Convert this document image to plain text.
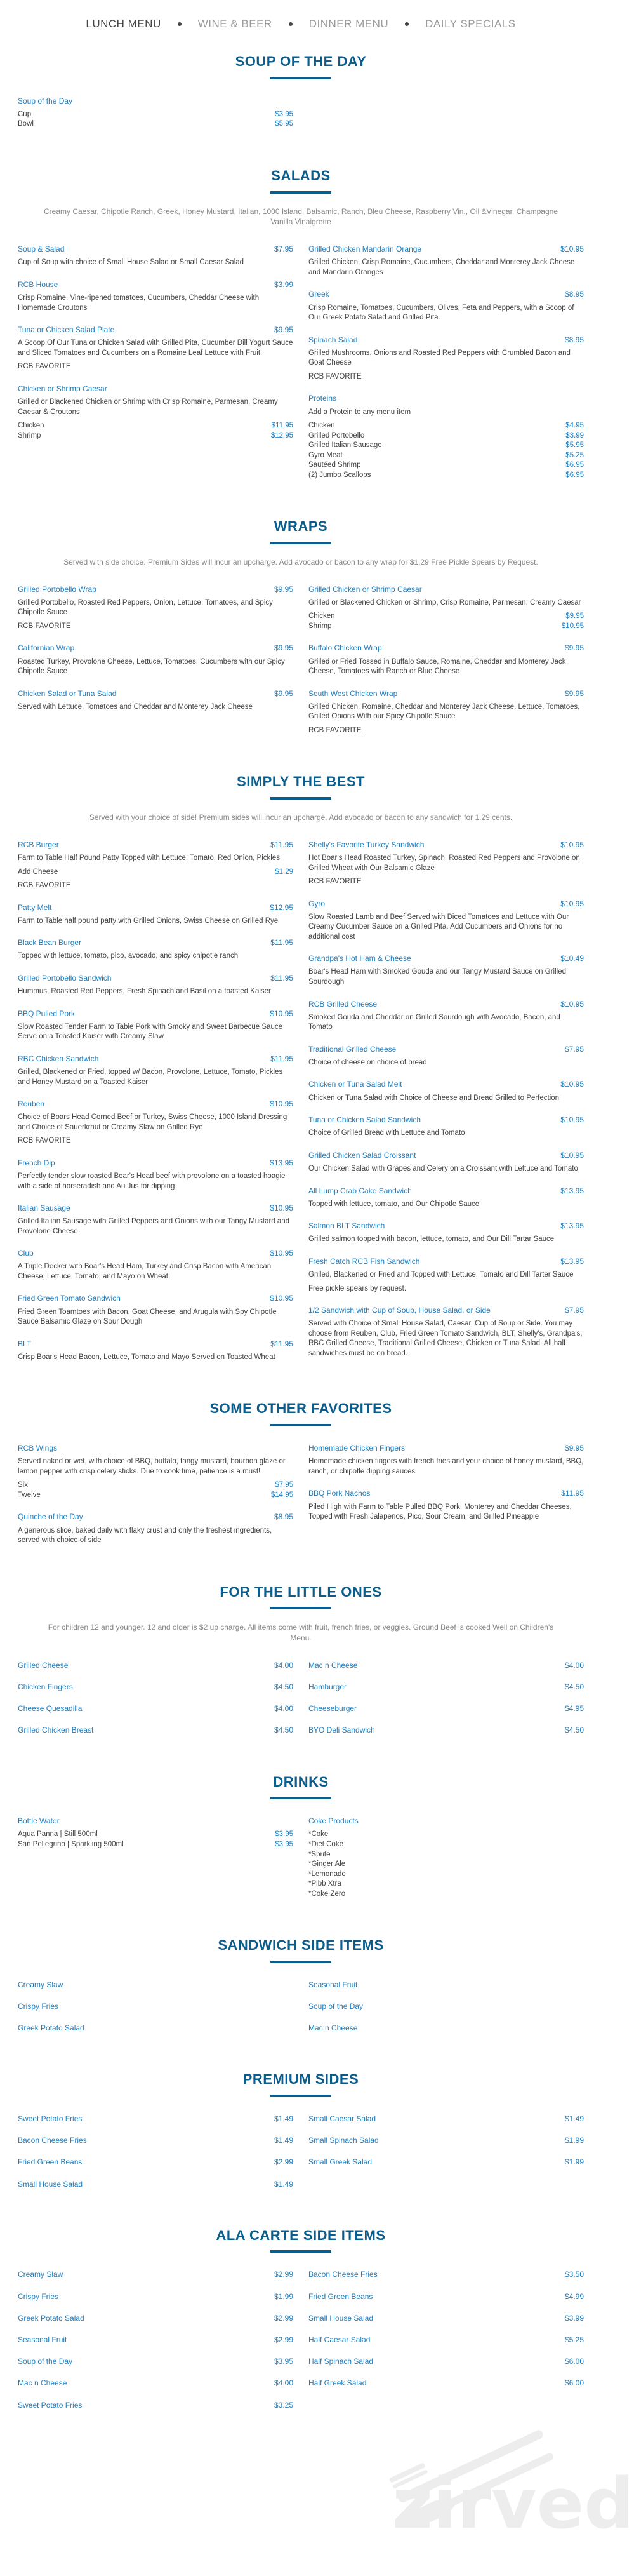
LUNCH MENU	WINE & BEER	DINNER MENU	DAILY SPECIALS
SOUP OF THE DAY
Soup of the Day
Cup	$3.95
Bowl	$5.95
SALADS

Creamy Caesar, Chipotle Ranch, Greek, Honey Mustard, Italian, 1000 Island, Balsamic, Ranch, Bleu Cheese, Raspberry Vin., Oil &Vinegar, Champagne Vanilla Vinaigrette

Soup & Salad	$7.95
Cup of Soup with choice of Small House Salad or Small Caesar Salad
RCB House	$3.99
Crisp Romaine, Vine-ripened tomatoes, Cucumbers, Cheddar Cheese with Homemade Croutons
Tuna or Chicken Salad Plate	$9.95
A Scoop Of Our Tuna or Chicken Salad with Grilled Pita, Cucumber Dill Yogurt Sauce and Sliced Tomatoes and Cucumbers on a Romaine Leaf Lettuce with Fruit
RCB FAVORITE
Chicken or Shrimp Caesar
Grilled or Blackened Chicken or Shrimp with Crisp Romaine, Parmesan, Creamy Caesar & Croutons
Chicken	$11.95
Shrimp	$12.95
Grilled Chicken Mandarin Orange	$10.95
Grilled Chicken, Crisp Romaine, Cucumbers, Cheddar and Monterey Jack Cheese and Mandarin Oranges
Greek	$8.95
Crisp Romaine, Tomatoes, Cucumbers, Olives, Feta and Peppers, with a Scoop of Our Greek Potato Salad and Grilled Pita.
Spinach Salad	$8.95
Grilled Mushrooms, Onions and Roasted Red Peppers with Crumbled Bacon and Goat Cheese
RCB FAVORITE
Proteins
Add a Protein to any menu item
Chicken	$4.95
Grilled Portobello	$3.99
Grilled Italian Sausage	$5.95
Gyro Meat	$5.25
Sautéed Shrimp	$6.95
(2) Jumbo Scallops	$6.95
WRAPS

Served with side choice. Premium Sides will incur an upcharge. Add avocado or bacon to any wrap for $1.29 Free Pickle Spears by Request.

Grilled Portobello Wrap	$9.95
Grilled Portobello, Roasted Red Peppers, Onion, Lettuce, Tomatoes, and Spicy Chipotle Sauce
RCB FAVORITE
Californian Wrap	$9.95
Roasted Turkey, Provolone Cheese, Lettuce, Tomatoes, Cucumbers with our Spicy Chipotle Sauce
Chicken Salad or Tuna Salad	$9.95
Served with Lettuce, Tomatoes and Cheddar and Monterey Jack Cheese
Grilled Chicken or Shrimp Caesar
Grilled or Blackened Chicken or Shrimp, Crisp Romaine, Parmesan, Creamy Caesar
Chicken	$9.95
Shrimp	$10.95
Buffalo Chicken Wrap	$9.95
Grilled or Fried Tossed in Buffalo Sauce, Romaine, Cheddar and Monterey Jack Cheese, Tomatoes with Ranch or Blue Cheese
South West Chicken Wrap	$9.95
Grilled Chicken, Romaine, Cheddar and Monterey Jack Cheese, Lettuce, Tomatoes, Grilled Onions With our Spicy Chipotle Sauce
RCB FAVORITE
SIMPLY THE BEST

Served with your choice of side! Premium sides will incur an upcharge. Add avocado or bacon to any sandwich for 1.29 cents.

RCB Burger	$11.95
Farm to Table Half Pound Patty Topped with Lettuce, Tomato, Red Onion, Pickles
Add Cheese	$1.29
RCB FAVORITE
Patty Melt	$12.95
Farm to Table half pound patty with Grilled Onions, Swiss Cheese on Grilled Rye
Black Bean Burger	$11.95
Topped with lettuce, tomato, pico, avocado, and spicy chipotle ranch
Grilled Portobello Sandwich	$11.95
Hummus, Roasted Red Peppers, Fresh Spinach and Basil on a toasted Kaiser
BBQ Pulled Pork	$10.95
Slow Roasted Tender Farm to Table Pork with Smoky and Sweet Barbecue Sauce Serve on a Toasted Kaiser with Creamy Slaw
RBC Chicken Sandwich	$11.95
Grilled, Blackened or Fried, topped w/ Bacon, Provolone, Lettuce, Tomato, Pickles and Honey Mustard on a Toasted Kaiser
Reuben	$10.95
Choice of Boars Head Corned Beef or Turkey, Swiss Cheese, 1000 Island Dressing and Choice of Sauerkraut or Creamy Slaw on Grilled Rye
RCB FAVORITE
French Dip	$13.95
Perfectly tender slow roasted Boar's Head beef with provolone on a toasted hoagie with a side of horseradish and Au Jus for dipping
Italian Sausage	$10.95
Grilled Italian Sausage with Grilled Peppers and Onions with our Tangy Mustard and Provolone Cheese
Club	$10.95
A Triple Decker with Boar's Head Ham, Turkey and Crisp Bacon with American Cheese, Lettuce, Tomato, and Mayo on Wheat
Fried Green Tomato Sandwich	$10.95
Fried Green Toamtoes with Bacon, Goat Cheese, and Arugula with Spy Chipotle Sauce Balsamic Glaze on Sour Dough
BLT	$11.95
Crisp Boar's Head Bacon, Lettuce, Tomato and Mayo Served on Toasted Wheat
Shelly's Favorite Turkey Sandwich	$10.95
Hot Boar's Head Roasted Turkey, Spinach, Roasted Red Peppers and Provolone on Grilled Wheat with Our Balsamic Glaze
RCB FAVORITE
Gyro	$10.95
Slow Roasted Lamb and Beef Served with Diced Tomatoes and Lettuce with Our Creamy Cucumber Sauce on a Grilled Pita. Add Cucumbers and Onions for no additional cost
Grandpa's Hot Ham & Cheese	$10.49
Boar's Head Ham with Smoked Gouda and our Tangy Mustard Sauce on Grilled Sourdough
RCB Grilled Cheese	$10.95
Smoked Gouda and Cheddar on Grilled Sourdough with Avocado, Bacon, and Tomato
Traditional Grilled Cheese	$7.95
Choice of cheese on choice of bread
Chicken or Tuna Salad Melt	$10.95
Chicken or Tuna Salad with Choice of Cheese and Bread Grilled to Perfection
Tuna or Chicken Salad Sandwich	$10.95
Choice of Grilled Bread with Lettuce and Tomato
Grilled Chicken Salad Croissant	$10.95
Our Chicken Salad with Grapes and Celery on a Croissant with Lettuce and Tomato
All Lump Crab Cake Sandwich	$13.95
Topped with lettuce, tomato, and Our Chipotle Sauce
Salmon BLT Sandwich	$13.95
Grilled salmon topped with bacon, lettuce, tomato, and Our Dill Tartar Sauce
Fresh Catch RCB Fish Sandwich	$13.95
Grilled, Blackened or Fried and Topped with Lettuce, Tomato and Dill Tarter Sauce
Free pickle spears by request.
1/2 Sandwich with Cup of Soup, House Salad, or Side	$7.95
Served with Choice of Small House Salad, Caesar, Cup of Soup or Side. You may choose from Reuben, Club, Fried Green Tomato Sandwich, BLT, Shelly's, Grandpa's, RBC Grilled Cheese, Traditional Grilled Cheese, Chicken or Tuna Salad. All half sandwiches must be on bread.
SOME OTHER FAVORITES
RCB Wings
Served naked or wet, with choice of BBQ, buffalo, tangy mustard, bourbon glaze or lemon pepper with crisp celery sticks. Due to cook time, patience is a must!
Six	$7.95
Twelve	$14.95
Quinche of the Day	$8.95
A generous slice, baked daily with flaky crust and only the freshest ingredients, served with choice of side
Homemade Chicken Fingers	$9.95
Homemade chicken fingers with french fries and your choice of honey mustard, BBQ, ranch, or chipotle dipping sauces
BBQ Pork Nachos	$11.95
Piled High with Farm to Table Pulled BBQ Pork, Monterey and Cheddar Cheeses, Topped with Fresh Jalapenos, Pico, Sour Cream, and Grilled Pineapple
FOR THE LITTLE ONES

For children 12 and younger. 12 and older is $2 up charge. All items come with fruit, french fries, or veggies. Ground Beef is cooked Well on Children's Menu.

Grilled Cheese	$4.00
Chicken Fingers	$4.50
Cheese Quesadilla	$4.00
Grilled Chicken Breast	$4.50
Mac n Cheese	$4.00
Hamburger	$4.50
Cheeseburger	$4.95
BYO Deli Sandwich	$4.50
DRINKS
Bottle Water
Aqua Panna | Still 500ml	$3.95
San Pellegrino | Sparkling 500ml	$3.95
Coke Products
*Coke
*Diet Coke
*Sprite
*Ginger Ale
*Lemonade
*Pibb Xtra
*Coke Zero
SANDWICH SIDE ITEMS
Creamy Slaw
Crispy Fries
Greek Potato Salad
Seasonal Fruit
Soup of the Day
Mac n Cheese
PREMIUM SIDES
Sweet Potato Fries	$1.49
Bacon Cheese Fries	$1.49
Fried Green Beans	$2.99
Small House Salad	$1.49
Small Caesar Salad	$1.49
Small Spinach Salad	$1.99
Small Greek Salad	$1.99
ALA CARTE SIDE ITEMS
Creamy Slaw	$2.99
Crispy Fries	$1.99
Greek Potato Salad	$2.99
Seasonal Fruit	$2.99
Soup of the Day	$3.95
Mac n Cheese	$4.00
Sweet Potato Fries	$3.25
Bacon Cheese Fries	$3.50
Fried Green Beans	$4.99
Small House Salad	$3.99
Half Caesar Salad	$5.25
Half Spinach Salad	$6.00
Half Greek Salad	$6.00
zirved
